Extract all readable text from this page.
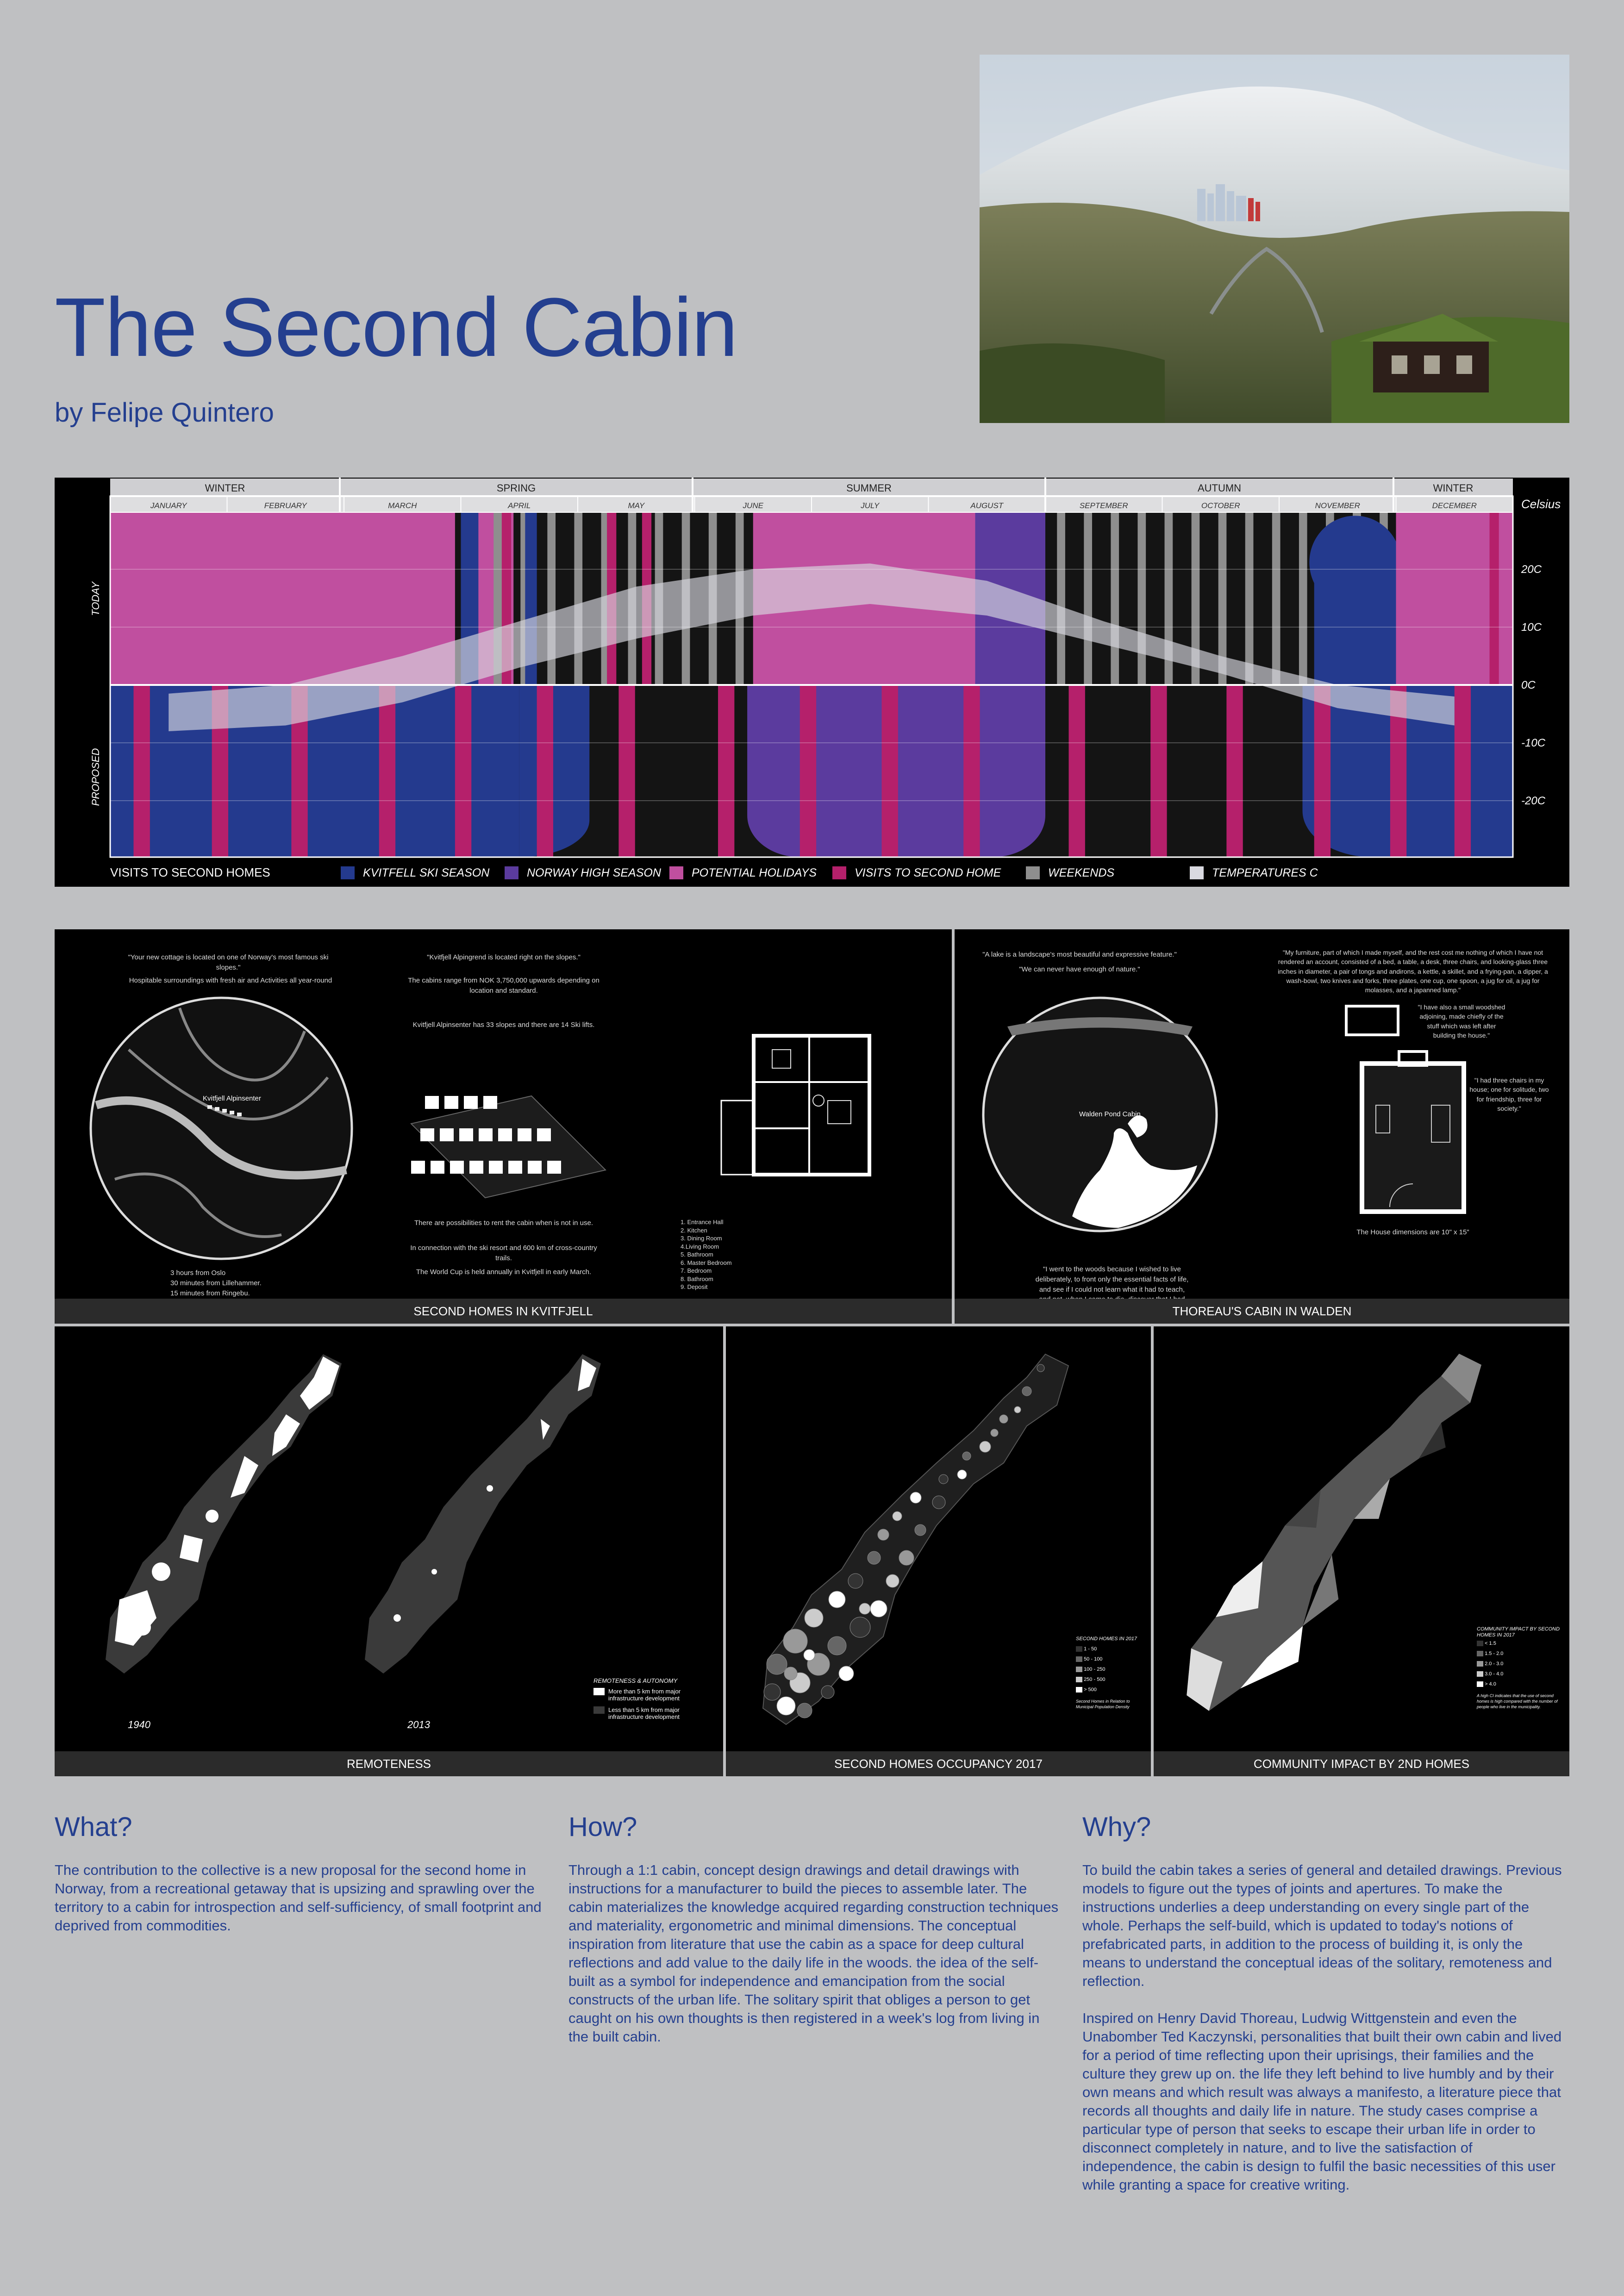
The Second Cabin
by Felipe Quintero
WINTER	SPRING	SUMMER	AUTUMN	WINTER
JANUARY	FEBRUARY	MARCH	APRIL	MAY	JUNE	JULY	AUGUST	SEPTEMBER	OCTOBER	NOVEMBER	DECEMBER
TODAY
PROPOSED
Celsius
20C
10C
0C
-10C
-20C
VISITS TO SECOND HOMES	KVITFELL SKI SEASON	NORWAY HIGH SEASON	POTENTIAL HOLIDAYS	VISITS TO SECOND HOME	WEEKENDS	TEMPERATURES C
"Your new cottage is located on one of Norway's most famous ski slopes."
Hospitable surroundings with fresh air and Activities all year-round
Kvitfjell Alpinsenter
3 hours from Oslo
30 minutes from Lillehammer.
15 minutes from Ringebu.
"Kvitfjell Alpingrend is located right on the slopes."
The cabins range from NOK 3,750,000 upwards depending on location and standard.
Kvitfjell Alpinsenter has 33 slopes and there are 14 Ski lifts.
There are possibilities to rent the cabin when is not in use.
In connection with the ski resort and 600 km of cross-country trails.
The World Cup is held annually in Kvitfjell in early March.
1. Entrance Hall
2. Kitchen
3. Dining Room
4.Living Room
5. Bathroom
6. Master Bedroom
7. Bedroom
8. Bathroom
9. Deposit
SECOND HOMES IN KVITFJELL
"A lake is a landscape's most beautiful and expressive feature."
"We can never have enough of nature."
Walden Pond Cabin
"I went to the woods because I wished to live deliberately, to front only the essential facts of life, and see if I could not learn what it had to teach,
"My furniture, part of which I made myself, and the rest cost me nothing of which I have not rendered an account, consisted of a bed, a table, a desk, three chairs, and looking-glass three inches in diameter, a pair of tongs and andirons, a kettle, a skillet, and a frying-pan, a dipper, a wash-bowl, two knives and forks, three plates, one cup, one spoon, a jug for oil, a jug for molasses, and a japanned lamp."
"I have also a small woodshed adjoining, made chiefly of the stuff which was left after building the house."
"I had three chairs in my house; one for solitude, two for friendship, three for society."
The House dimensions are 10" x 15"
THOREAU'S CABIN IN WALDEN
1940	2013
REMOTENESS & AUTONOMY
More than 5 km from major infrastructure development
Less than 5 km from major infrastructure development
REMOTENESS
SECOND HOMES IN 2017
1 - 50
50 - 100
100 - 250
250 - 500
> 500
Second Homes in Relation to Municipal Population Density
SECOND HOMES OCCUPANCY 2017
COMMUNITY IMPACT BY SECOND HOMES IN 2017
< 1.5
1.5 - 2.0
2.0 - 3.0
3.0 - 4.0
> 4.0
A high CI indicates that the use of second homes is high compared with the number of people who live in the municipality.
COMMUNITY IMPACT BY 2ND HOMES
What?

The contribution to the collective is a new proposal for the second home in Norway, from a recreational getaway that is upsizing and sprawling over the territory to a cabin for introspection and self-sufficiency, of small footprint and deprived from commodities.

How?

Through a 1:1 cabin, concept design drawings and detail drawings with instructions for a manufacturer to build the pieces to assemble later. The cabin materializes the knowledge acquired regarding construction techniques and materiality, ergonometric and minimal dimensions. The conceptual inspiration from literature that use the cabin as a space for deep cultural reflections and add value to the daily life in the woods. the idea of the self-built as a symbol for independence and emancipation from the social constructs of the urban life. The solitary spirit that obliges a person to get caught on his own thoughts is then registered in a week's log from living in the built cabin.

Why?

To build the cabin takes a series of general and detailed drawings. Previous models to figure out the types of joints and apertures. To make the instructions underlies a deep understanding on every single part of the whole. Perhaps the self-build, which is updated to today's notions of prefabricated parts, in addition to the process of building it, is only the means to understand the conceptual ideas of the solitary, remoteness and reflection.

Inspired on Henry David Thoreau, Ludwig Wittgenstein and even the Unabomber Ted Kaczynski, personalities that built their own cabin and lived for a period of time reflecting upon their uprisings, their families and the culture they grew up on. the life they left behind to live humbly and by their own means and which result was always a manifesto, a literature piece that records all thoughts and daily life in nature. The study cases comprise a particular type of person that seeks to escape their urban life in order to disconnect completely in nature, and to live the satisfaction of independence, the cabin is design to fulfil the basic necessities of this user while granting a space for creative writing.
